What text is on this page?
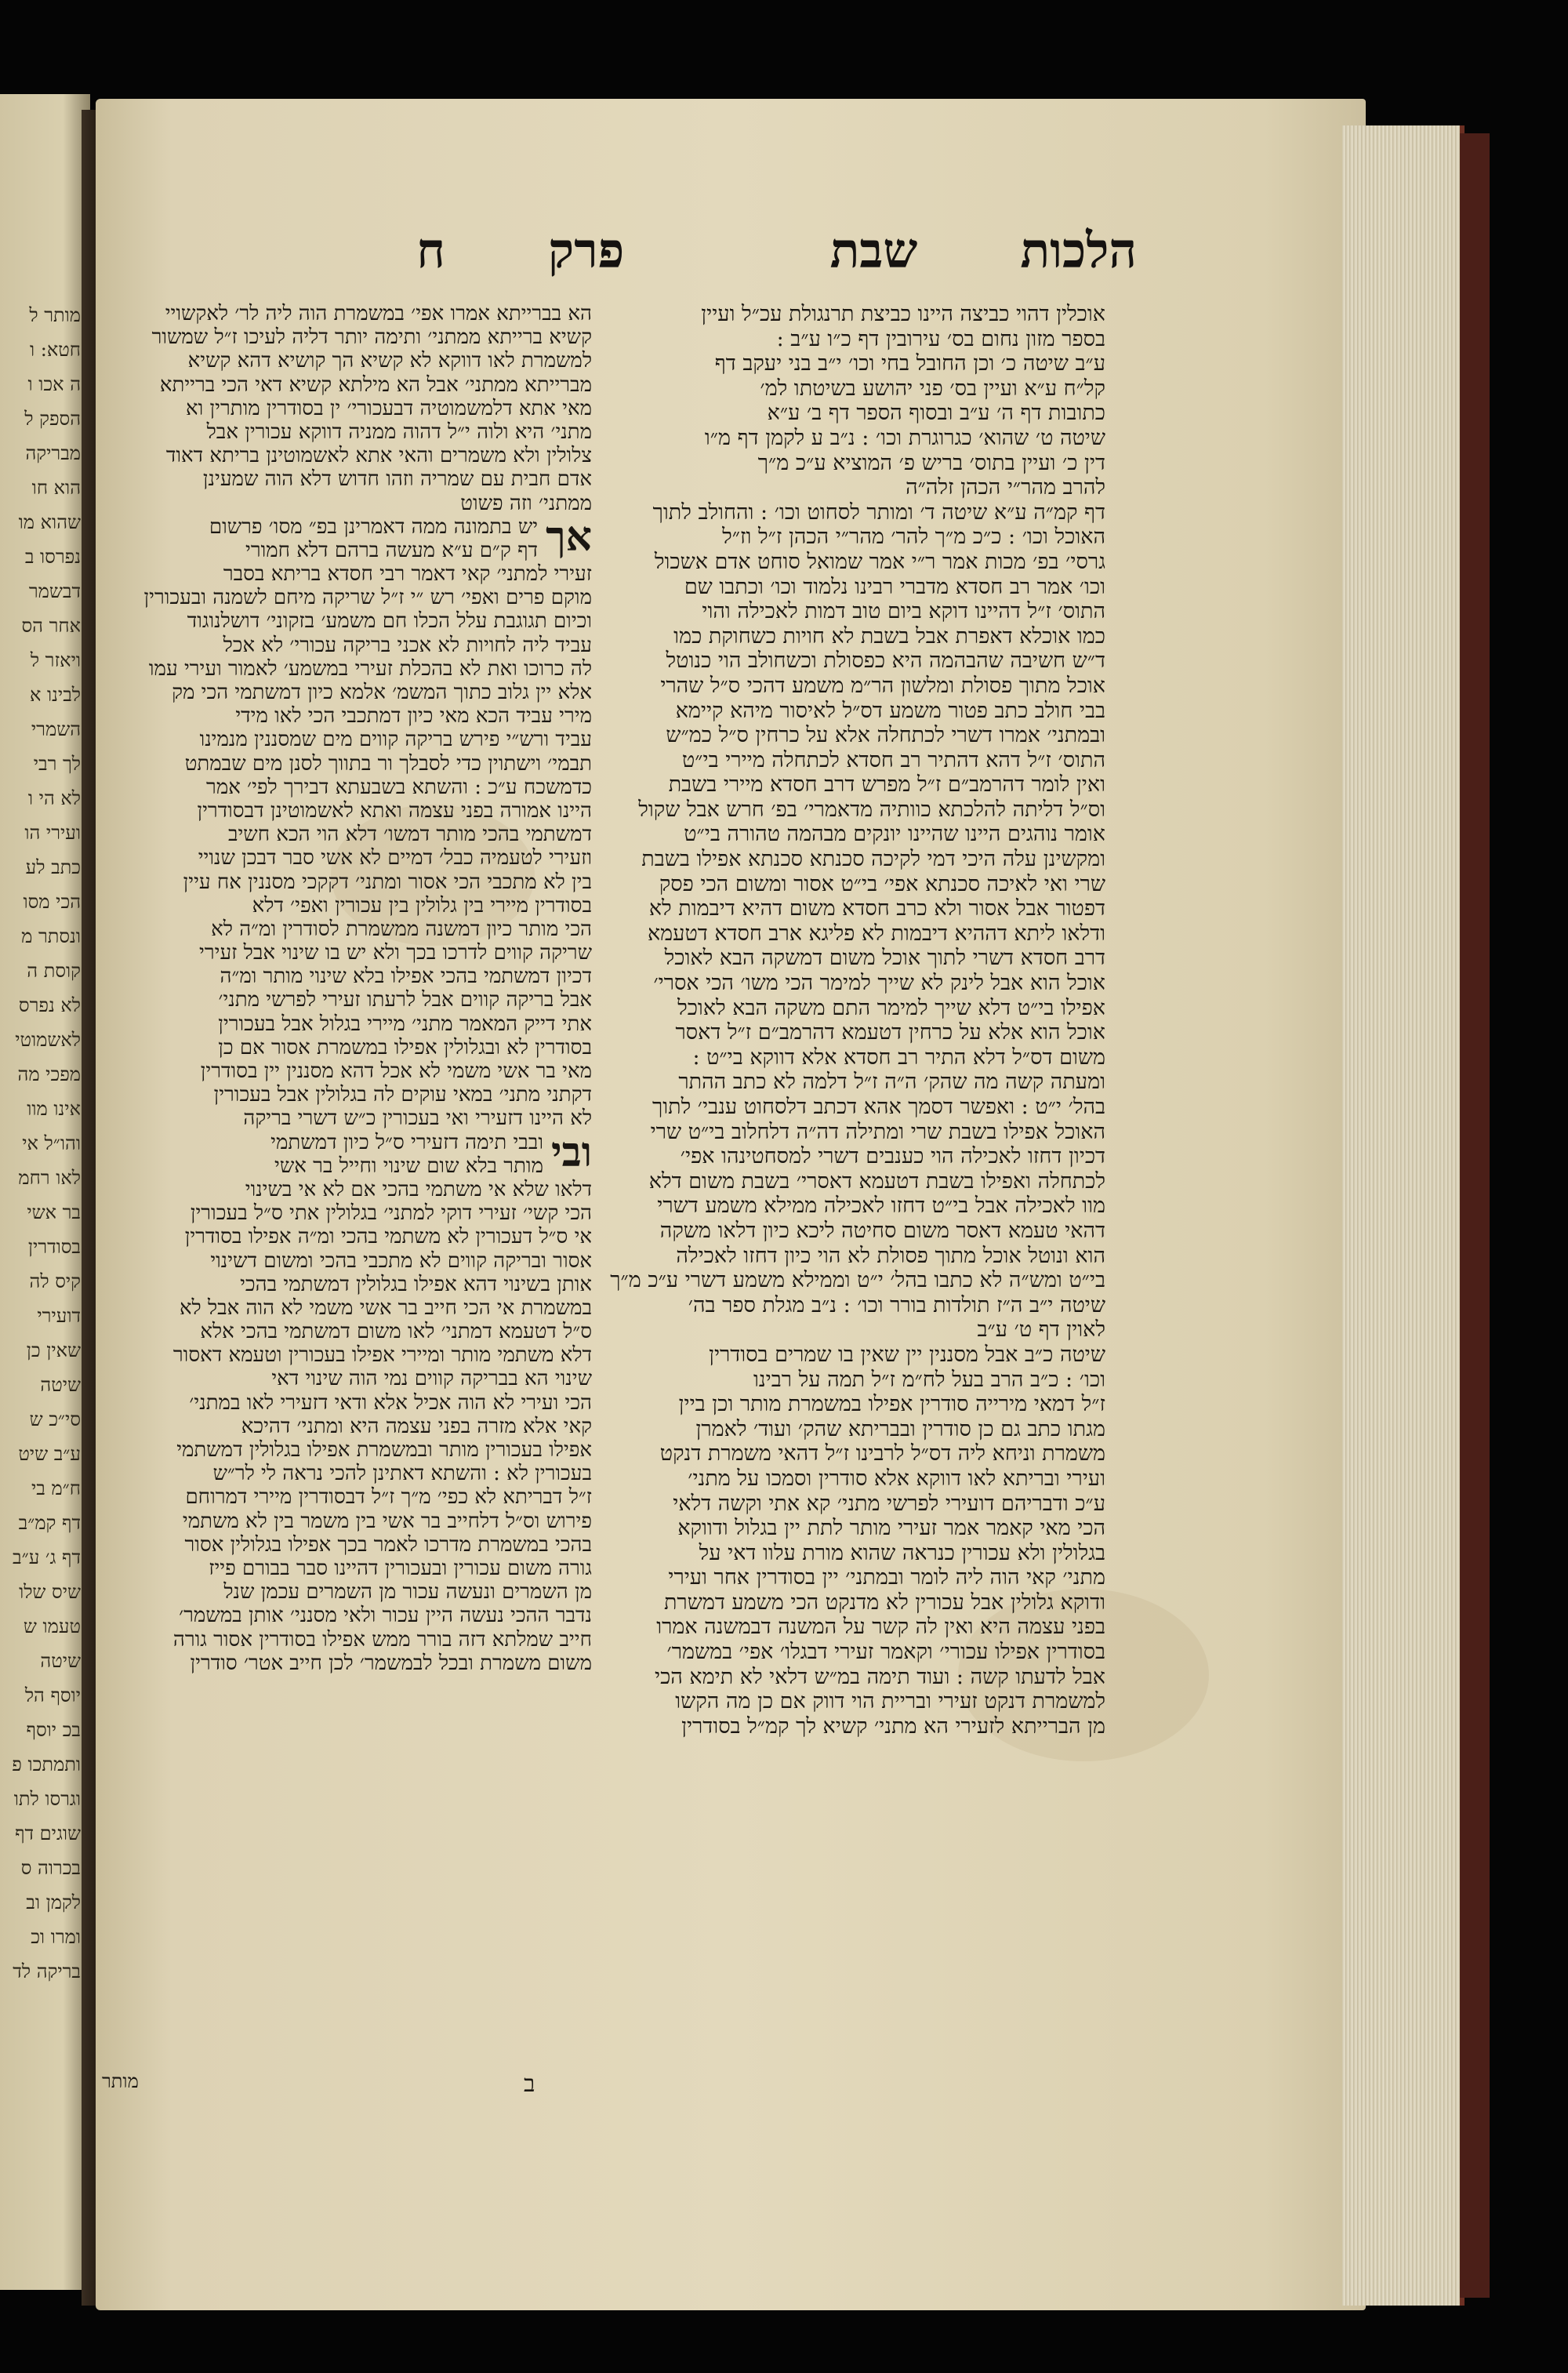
מותר ל
חטא: ו
ה אכו ו
הספק ל
מבריקה
הוא חו
שהוא מו
נפרסו ב
דבשמר
אחר הס
ויאזר ל
לבינו א
השמרי
לך רבי
לא הי ו
ועירי הו
כתב לע
הכי מסו
ונסתר מ
קוסת ה
לא נפרס
לאשמוטי
מפכי מה
אינו מוו
והו״ל אי
לאו רחמ
בר אשי
בסודרין
קיס לה
דועירי
שאין כן
שיטה
סי״כ ש
ע״ב שיט
ח״מ בי
דף קמ״ב
דף ג׳ ע״ב
שיס שלו
טעמו ש
שיטה
יוסף הל
בכ יוסף
ותמתכו פ
וגרסו לתו
שוגים דף
בכרוה ס
לקמן וב
ומרו וכ
בריקה לד
הלכות
שבת
פרק
ח
אוכלין דהוי כביצה היינו כביצת תרנגולת עכ״ל ועיין
בספר מזון נחום בס׳ עירובין דף כ״ו ע״ב :
ע״ב שיטה כ׳ וכן החובל בחי וכו׳ י״ב בני יעקב דף
קל״ח ע״א ועיין בס׳ פני יהושע בשיטתו למ׳
כתובות דף ה׳ ע״ב ובסוף הספר דף ב׳ ע״א
שיטה ט׳ שהוא׳ כגרוגרת וכו׳ : נ״ב ע לקמן דף מ״ו
דין כ׳ ועיין בתוס׳ בריש פ׳ המוציא ע״כ מ״ך
להרב מהר״י הכהן זלה״ה
דף קמ״ה ע״א שיטה ד׳ ומותר לסחוט וכו׳ : והחולב לתוך
האוכל וכו׳ : כ״כ מ״ך להר׳ מהר״י הכהן ז״ל וז״ל
גרסי׳ בפ׳ מכות אמר ר״י אמר שמואל סוחט אדם אשכול
וכו׳ אמר רב חסדא מדברי רבינו נלמוד וכו׳ וכתבו שם
התוס׳ ז״ל דהיינו דוקא ביום טוב דמות לאכילה והוי
כמו אוכלא דאפרת אבל בשבת לא חויות כשחוקת כמו
ד״ש חשיבה שהבהמה היא כפסולת וכשחולב הוי כנוטל
אוכל מתוך פסולת ומלשון הר״מ משמע דהכי ס״ל שהרי
בבי חולב כתב פטור משמע דס״ל לאיסור מיהא קיימא
ובמתני׳ אמרו דשרי לכתחלה אלא על כרחין ס״ל כמ״ש
התוס׳ ז״ל דהא דהתיר רב חסדא לכתחלה מיירי בי״ט
ואין לומר דהרמב״ם ז״ל מפרש דרב חסדא מיירי בשבת
וס״ל דליתה להלכתא כוותיה מדאמרי׳ בפ׳ חרש אבל שקול
אומר נוהגים היינו שהיינו יונקים מבהמה טהורה בי״ט
ומקשינן עלה היכי דמי לקיכה סכנתא סכנתא אפילו בשבת
שרי ואי לאיכה סכנתא אפי׳ בי״ט אסור ומשום הכי פסק
דפטור אבל אסור ולא כרב חסדא משום דהיא דיבמות לא
ודלאו ליתא דההיא דיבמות לא פליגא ארב חסדא דטעמא
דרב חסדא דשרי לתוך אוכל משום דמשקה הבא לאוכל
אוכל הוא אבל לינק לא שייך למימר הכי משו׳ הכי אסרי׳
אפילו בי״ט דלא שייך למימר התם משקה הבא לאוכל
אוכל הוא אלא על כרחין דטעמא דהרמב״ם ז״ל דאסר
משום דס״ל דלא התיר רב חסדא אלא דווקא בי״ט :
ומעתה קשה מה שהק׳ ה״ה ז״ל דלמה לא כתב ההתר
בהל׳ י״ט : ואפשר דסמך אהא דכתב דלסחוט ענבי׳ לתוך
האוכל אפילו בשבת שרי ומתילה דה״ה דלחלוב בי״ט שרי
דכיון דחזו לאכילה הוי כענבים דשרי למסחטינהו אפי׳
לכתחלה ואפילו בשבת דטעמא דאסרי׳ בשבת משום דלא
מוו לאכילה אבל בי״ט דחזו לאכילה ממילא משמע דשרי
דהאי טעמא דאסר משום סחיטה ליכא כיון דלאו משקה
הוא ונוטל אוכל מתוך פסולת לא הוי כיון דחזו לאכילה
בי״ט ומש״ה לא כתבו בהל׳ י״ט וממילא משמע דשרי ע״כ מ״ך
שיטה י״ב ה״ז תולדות בורר וכו׳ : נ״ב מגלת ספר בה׳
לאוין דף ט׳ ע״ב
שיטה כ״ב אבל מסננין יין שאין בו שמרים בסודרין
וכו׳ : כ״ב הרב בעל לח״מ ז״ל תמה על רבינו
ז״ל דמאי מירייה סודרין אפילו במשמרת מותר וכן ביין
מגתו כתב גם כן סודרין ובבריתא שהק׳ ועוד׳ לאמרן
משמרת וניחא ליה דס״ל לרבינו ז״ל דהאי משמרת דנקט
ועירי ובריתא לאו דווקא אלא סודרין וסמכו על מתני׳
ע״כ ודבריהם דועירי לפרשי מתני׳ קא אתי וקשה דלאי
הכי מאי קאמר אמר זעירי מותר לתת יין בגלול ודווקא
בגלולין ולא עכורין כנראה שהוא מורת עלוו דאי על
מתני׳ קאי הוה ליה לומר ובמתני׳ יין בסודרין אחר ועירי
ודוקא גלולין אבל עכורין לא מדנקט הכי משמע דמשרת
בפני עצמה היא ואין לה קשר על המשנה דבמשנה אמרו
בסודרין אפילו עכורי׳ וקאמר זעירי דבגלו׳ אפי׳ במשמר׳
אבל לדעתו קשה : ועוד תימה במ״ש דלאי לא תימא הכי
למשמרת דנקט זעירי ובריית הוי דווק אם כן מה הקשו
מן הברייתא לזעירי הא מתני׳ קשיא לך קמ״ל בסודרין
הא בברייתא אמרו אפי׳ במשמרת הוה ליה לר׳ לאקשויי
קשיא ברייתא ממתני׳ ותימה יותר דליה לעיכו ז״ל שמשור
למשמרת לאו דווקא לא קשיא הך קושיא דהא קשיא
מברייתא ממתני׳ אבל הא מילתא קשיא דאי הכי ברייתא
מאי אתא דלמשמוטיה דבעכורי׳ ין בסודרין מותרין וא
מתני׳ היא ולוה י״ל דהוה ממניה דווקא עכורין אבל
צלולין ולא משמרים והאי אתא לאשמוטינן בריתא דאוד
אדם חבית עם שמריה וזהו חדוש דלא הוה שמעינן
ממתני׳ וזה פשוט
אך
יש בתמונה ממה דאמרינן בפ״ מסו׳ פרשום
דף ק״ם ע״א מעשה ברהם דלא חמורי
זעירי למתני׳ קאי דאמר רבי חסדא בריתא בסבר
מוקם פרים ואפי׳ רש ״י ז״ל שריקה מיחם לשמנה ובעכורין
וכיום תגוגבת עלל הכלו חם משמע׳ בזקוני׳ דושלנוגוד
עביד ליה לחויות לא אכני בריקה עכורי׳ לא אכל
לה כרוכו ואת לא בהכלת זעירי במשמע׳ לאמור ועירי עמו
אלא יין גלוב כתוך המשמ׳ אלמא כיון דמשתמי הכי מק
מירי עביד הכא מאי כיון דמתכבי הכי לאו מידי
עביד ורש״י פירש בריקה קווים מים שמסננין מנמינו
תבמי׳ וישתוין כדי לסבלך ור בתווך לסנן מים שבמתט
כדמשכח ע״כ : והשתא בשבעתא דבירך לפי׳ אמר
היינו אמורה בפני עצמה ואתא לאשמוטינן דבסודרין
דמשתמי בהכי מותר דמשו׳ דלא הוי הכא חשיב
וזעירי לטעמיה כבל׳ דמיים לא אשי סבר דבכן שנויי
בין לא מתכבי הכי אסור ומתני׳ דקקכי מסננין אח עיין
בסודרין מיירי בין גלולין בין עכורין ואפי׳ דלא
הכי מותר כיון דמשנה ממשמרת לסודרין ומ״ה לא
שריקה קווים לדרכו בכך ולא יש בו שינוי אבל זעירי
דכיון דמשתמי בהכי אפילו בלא שינוי מותר ומ״ה
אבל בריקה קווים אבל לרעתו זעירי לפרשי מתני׳
אתי דייק המאמר מתני׳ מיירי בגלול אבל בעכורין
בסודרין לא ובגלולין אפילו במשמרת אסור אם כן
מאי בר אשי משמי לא אכל דהא מסננין יין בסודרין
דקתני מתני׳ במאי עוקים לה בגלולין אבל בעכורין
לא היינו דזעירי ואי בעכורין כ״ש דשרי בריקה
ובי
ובבי תימה דזעירי ס״ל כיון דמשתמי
מותר בלא שום שינוי וחייל בר אשי
דלאו שלא אי משתמי בהכי אם לא אי בשינוי
הכי קשי׳ זעירי דוקי למתני׳ בגלולין אתי ס״ל בעכורין
אי ס״ל דעכורין לא משתמי בהכי ומ״ה אפילו בסודרין
אסור ובריקה קווים לא מתכבי בהכי ומשום דשינוי
אותן בשינוי דהא אפילו בגלולין דמשתמי בהכי
במשמרת אי הכי חייב בר אשי משמי לא הוה אבל לא
ס״ל דטעמא דמתני׳ לאו משום דמשתמי בהכי אלא
דלא משתמי מותר ומיירי אפילו בעכורין וטעמא דאסור
שינוי הא בבריקה קווים נמי הוה שינוי דאי
הכי ועירי לא הוה אכיל אלא ודאי דזעירי לאו במתני׳
קאי אלא מזרה בפני עצמה היא ומתני׳ דהיכא
אפילו בעכורין מותר ובמשמרת אפילו בגלולין דמשתמי
בעכורין לא : והשתא דאתינן להכי נראה לי לר״ש
ז״ל דבריתא לא כפי׳ מ״ך ז״ל דבסודרין מיירי דמרוחם
פירוש וס״ל דלחייב בר אשי בין משמר בין לא משתמי
בהכי במשמרת מדרכו לאמר בכך אפילו בגלולין אסור
גורה משום עכורין ובעכורין דהיינו סבר בבורם פייז
מן השמרים ונעשה עכור מן השמרים עכמן שנל
נדבר ההכי נעשה היין עכור ולאי מסנני׳ אותן במשמר׳
חייב שמלתא דזה בורר ממש אפילו בסודרין אסור גורה
משום משמרת ובכל לבמשמר׳ לכן חייב אטר׳ סודרין
ב
מותר
